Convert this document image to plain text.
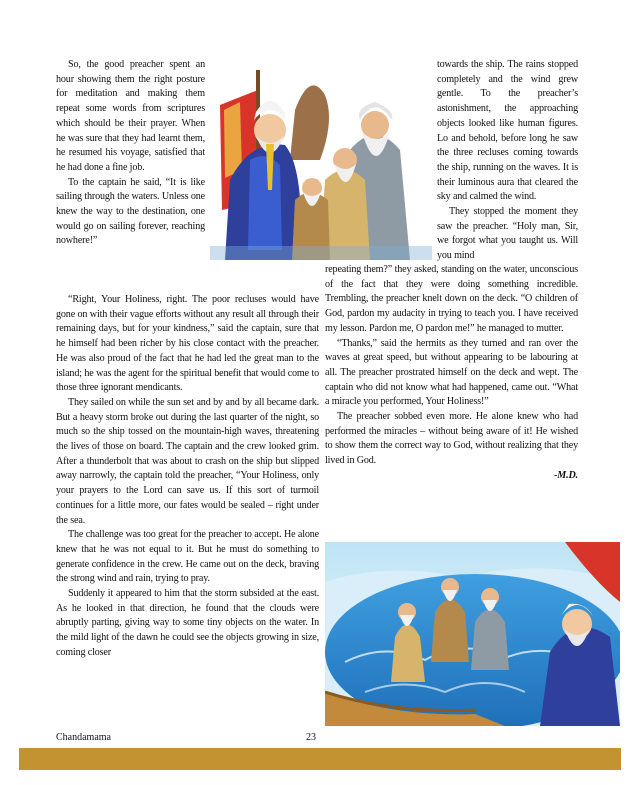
So, the good preacher spent an hour showing them the right posture for meditation and making them repeat some words from scriptures which should be their prayer. When he was sure that they had learnt them, he resumed his voyage, satisfied that he had done a fine job.

To the captain he said, “It is like sailing through the waters. Unless one knew the way to the destination, one would go on sailing forever, reaching nowhere!”

“Right, Your Holiness, right. The poor recluses would have gone on with their vague efforts without any result all through their remaining days, but for your kindness,” said the captain, sure that he himself had been richer by his close contact with the preacher. He was also proud of the fact that he had led the great man to the island; he was the agent for the spiritual benefit that would come to those three ignorant mendicants.

They sailed on while the sun set and by and by all became dark. But a heavy storm broke out during the last quarter of the night, so much so the ship tossed on the mountain-high waves, threatening the lives of those on board. The captain and the crew looked grim. After a thunderbolt that was about to crash on the ship but slipped away narrowly, the captain told the preacher, “Your Holiness, only your prayers to the Lord can save us. If this sort of turmoil continues for a little more, our fates would be sealed – right under the sea.

The challenge was too great for the preacher to accept. He alone knew that he was not equal to it. But he must do something to generate confidence in the crew. He came out on the deck, braving the strong wind and rain, trying to pray.

Suddenly it appeared to him that the storm subsided at the east. As he looked in that direction, he found that the clouds were abruptly parting, giving way to some tiny objects on the water. In the mild light of the dawn he could see the objects growing in size, coming closer

towards the ship. The rains stopped completely and the wind grew gentle. To the preacher’s astonishment, the approaching objects looked like human figures. Lo and behold, before long he saw the three recluses coming towards the ship, running on the waves. It is their luminous aura that cleared the sky and calmed the wind.

They stopped the moment they saw the preacher. “Holy man, Sir, we forgot what you taught us. Will you mind

repeating them?” they asked, standing on the water, unconscious of the fact that they were doing something incredible. Trembling, the preacher knelt down on the deck. “O children of God, pardon my audacity in trying to teach you. I have received my lesson. Pardon me, O pardon me!” he managed to mutter.

“Thanks,” said the hermits as they turned and ran over the waves at great speed, but without appearing to be labouring at all. The preacher prostrated himself on the deck and wept. The captain who did not know what had happened, came out. “What a miracle you performed, Your Holiness!”

The preacher sobbed even more. He alone knew who had performed the miracles – without being aware of it! He wished to show them the correct way to God, without realizing that they lived in God.

-M.D.
Chandamama	23
